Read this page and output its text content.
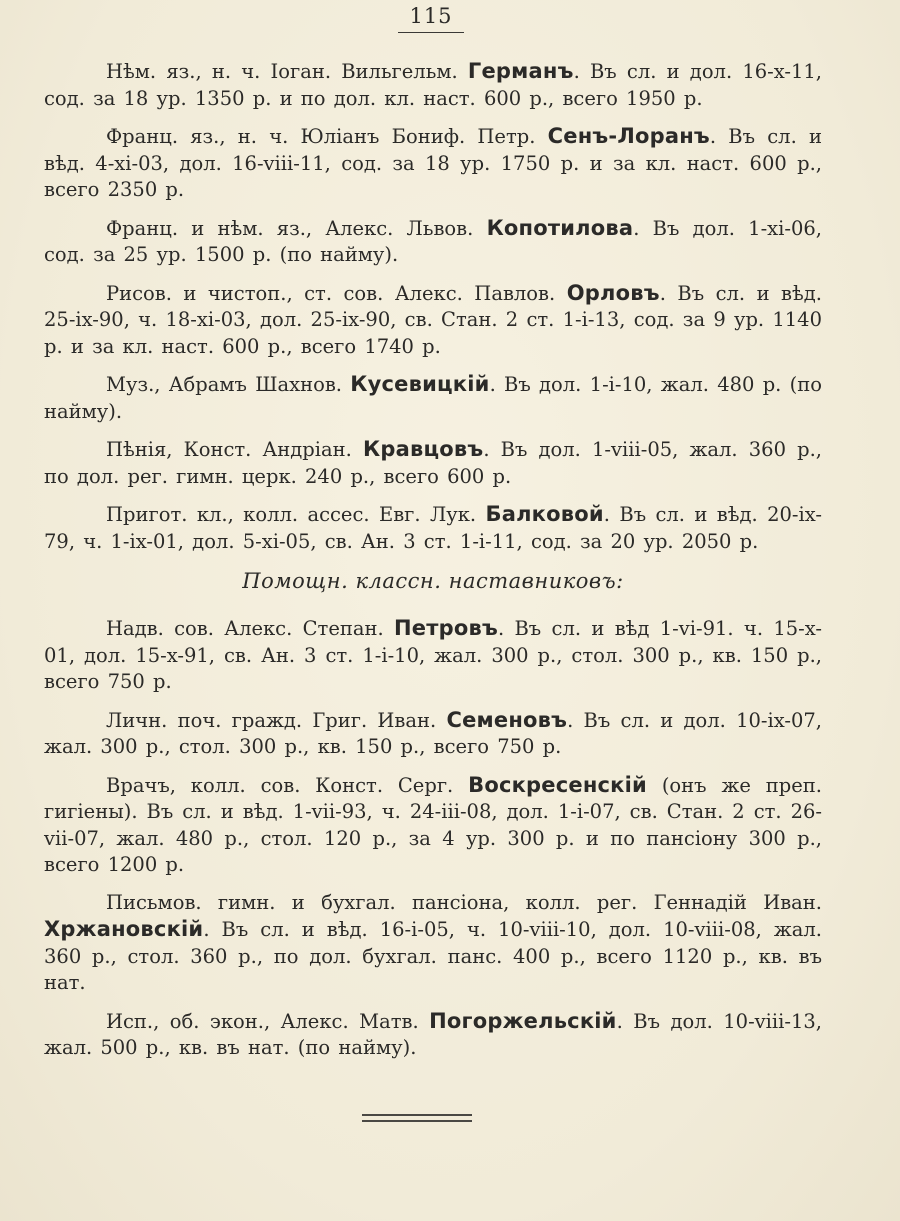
115

Нѣм. яз., н. ч. Іоган. Вильгельм. Германъ. Въ сл. и дол. 16-x-11, сод. за 18 ур. 1350 р. и по дол. кл. наст. 600 р., всего 1950 р.

Франц. яз., н. ч. Юліанъ Бониф. Петр. Сенъ-Лоранъ. Въ сл. и вѣд. 4-xi-03, дол. 16-viii-11, сод. за 18 ур. 1750 р. и за кл. наст. 600 р., всего 2350 р.

Франц. и нѣм. яз., Алекс. Львов. Копотилова. Въ дол. 1-xi-06, сод. за 25 ур. 1500 р. (по найму).

Рисов. и чистоп., ст. сов. Алекс. Павлов. Орловъ. Въ сл. и вѣд. 25-ix-90, ч. 18-xi-03, дол. 25-ix-90, св. Стан. 2 ст. 1-i-13, сод. за 9 ур. 1140 р. и за кл. наст. 600 р., всего 1740 р.

Муз., Абрамъ Шахнов. Кусевицкій. Въ дол. 1-i-10, жал. 480 р. (по найму).

Пѣнія, Конст. Андріан. Кравцовъ. Въ дол. 1-viii-05, жал. 360 р., по дол. рег. гимн. церк. 240 р., всего 600 р.

Пригот. кл., колл. ассес. Евг. Лук. Балковой. Въ сл. и вѣд. 20-ix-79, ч. 1-ix-01, дол. 5-xi-05, св. Ан. 3 ст. 1-i-11, сод. за 20 ур. 2050 р.

Помощн. классн. наставниковъ:

Надв. сов. Алекс. Степан. Петровъ. Въ сл. и вѣд 1-vi-91. ч. 15-x-01, дол. 15-x-91, св. Ан. 3 ст. 1-i-10, жал. 300 р., стол. 300 р., кв. 150 р., всего 750 р.

Личн. поч. гражд. Григ. Иван. Семеновъ. Въ сл. и дол. 10-ix-07, жал. 300 р., стол. 300 р., кв. 150 р., всего 750 р.

Врачъ, колл. сов. Конст. Серг. Воскресенскій (онъ же преп. гигіены). Въ сл. и вѣд. 1-vii-93, ч. 24-iii-08, дол. 1-i-07, св. Стан. 2 ст. 26-vii-07, жал. 480 р., стол. 120 р., за 4 ур. 300 р. и по пансіону 300 р., всего 1200 р.

Письмов. гимн. и бухгал. пансіона, колл. рег. Геннадій Иван. Хржановскій. Въ сл. и вѣд. 16-i-05, ч. 10-viii-10, дол. 10-viii-08, жал. 360 р., стол. 360 р., по дол. бухгал. панс. 400 р., всего 1120 р., кв. въ нат.

Исп., об. экон., Алекс. Матв. Погоржельскій. Въ дол. 10-viii-13, жал. 500 р., кв. въ нат. (по найму).
